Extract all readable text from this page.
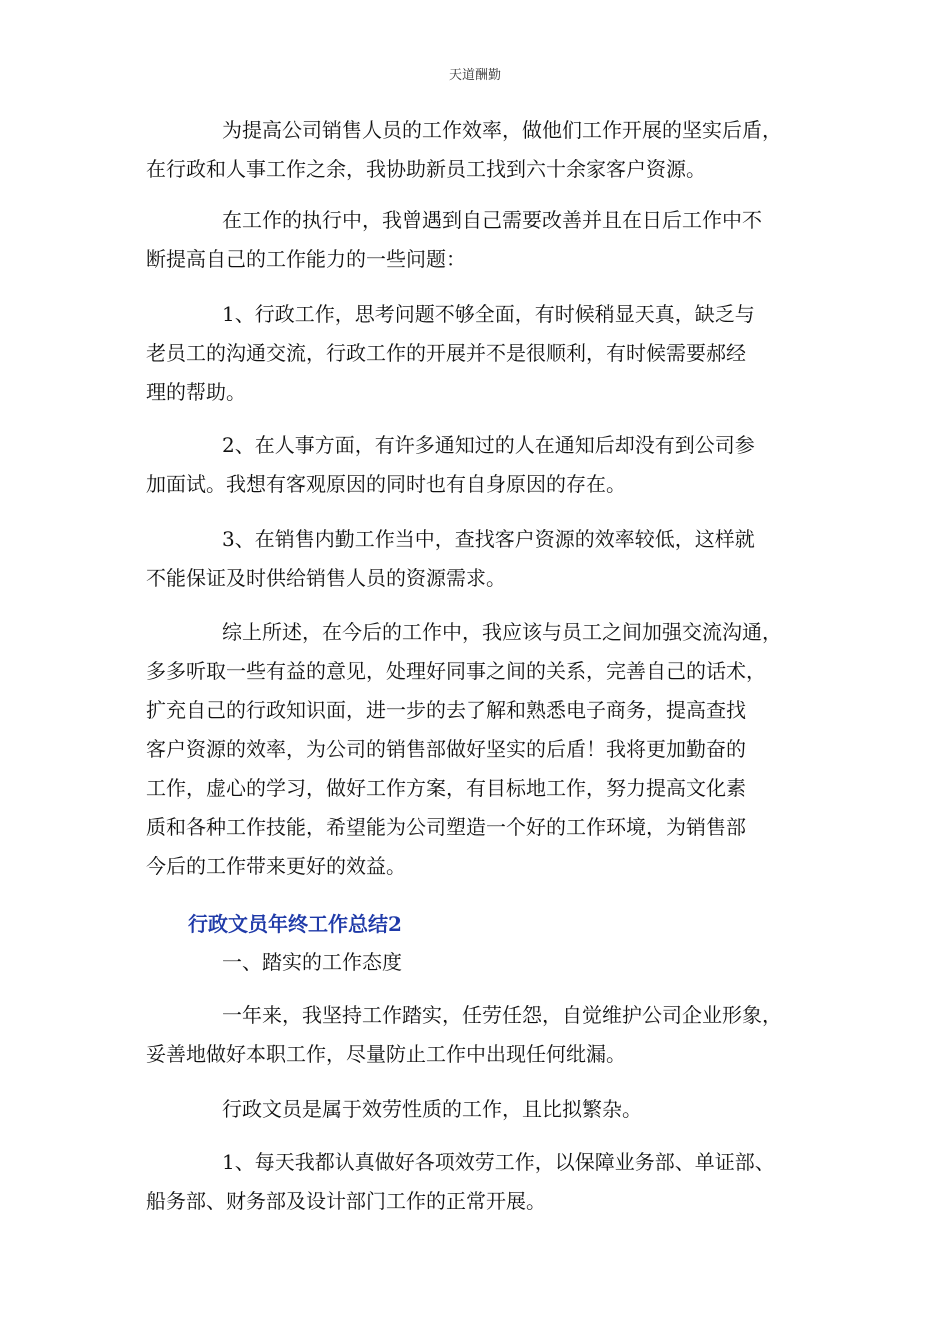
天道酬勤
为提高公司销售人员的工作效率，做他们工作开展的坚实后盾，
在行政和人事工作之余，我协助新员工找到六十余家客户资源。
在工作的执行中，我曾遇到自己需要改善并且在日后工作中不
断提高自己的工作能力的一些问题：
1、行政工作，思考问题不够全面，有时候稍显天真，缺乏与
老员工的沟通交流，行政工作的开展并不是很顺利，有时候需要郝经
理的帮助。
2、在人事方面，有许多通知过的人在通知后却没有到公司参
加面试。我想有客观原因的同时也有自身原因的存在。
3、在销售内勤工作当中，查找客户资源的效率较低，这样就
不能保证及时供给销售人员的资源需求。
综上所述，在今后的工作中，我应该与员工之间加强交流沟通，
多多听取一些有益的意见，处理好同事之间的关系，完善自己的话术，
扩充自己的行政知识面，进一步的去了解和熟悉电子商务，提高查找
客户资源的效率，为公司的销售部做好坚实的后盾！我将更加勤奋的
工作，虚心的学习，做好工作方案，有目标地工作，努力提高文化素
质和各种工作技能，希望能为公司塑造一个好的工作环境，为销售部
今后的工作带来更好的效益。
行政文员年终工作总结2
一、踏实的工作态度
一年来，我坚持工作踏实，任劳任怨，自觉维护公司企业形象，
妥善地做好本职工作，尽量防止工作中出现任何纰漏。
行政文员是属于效劳性质的工作，且比拟繁杂。
1、每天我都认真做好各项效劳工作，以保障业务部、单证部、
船务部、财务部及设计部门工作的正常开展。
